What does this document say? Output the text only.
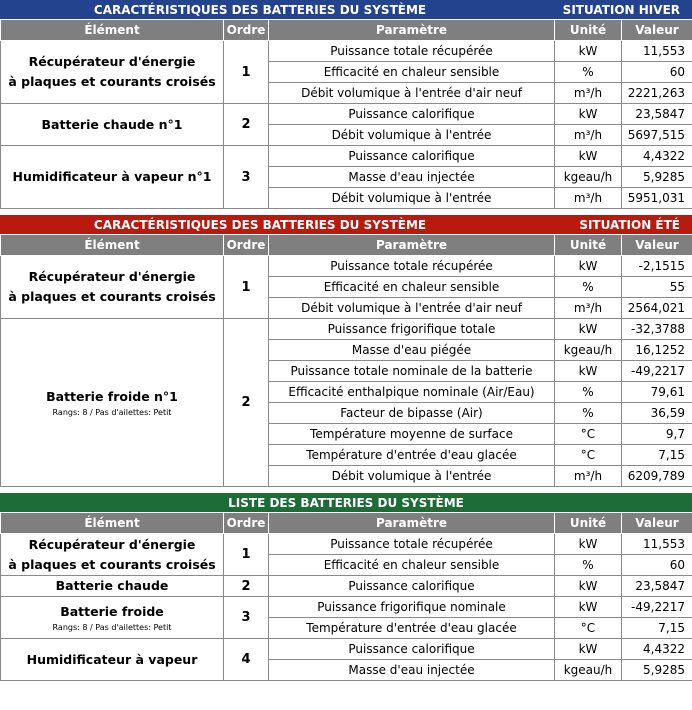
CARACTÉRISTIQUES DES BATTERIES DU SYSTÈME	SITUATION HIVER
Élément	Ordre	Paramètre	Unité	Valeur

Récupérateur d'énergie
à plaques et courants croisés	1	Puissance totale récupérée	kW	11,553
		Efficacité en chaleur sensible	%	60
		Débit volumique à l'entrée d'air neuf	m³/h	2221,263

Batterie chaude n°1	2	Puissance calorifique	kW	23,5847
		Débit volumique à l'entrée	m³/h	5697,515

Humidificateur à vapeur n°1	3	Puissance calorifique	kW	4,4322
		Masse d'eau injectée	kgeau/h	5,9285
		Débit volumique à l'entrée	m³/h	5951,031
CARACTÉRISTIQUES DES BATTERIES DU SYSTÈME	SITUATION ÉTÉ
Élément	Ordre	Paramètre	Unité	Valeur

Récupérateur d'énergie
à plaques et courants croisés	1	Puissance totale récupérée	kW	-2,1515
		Efficacité en chaleur sensible	%	55
		Débit volumique à l'entrée d'air neuf	m³/h	2564,021

Batterie froide n°1
Rangs: 8 / Pas d'ailettes: Petit	2	Puissance frigorifique totale	kW	-32,3788
		Masse d'eau piégée	kgeau/h	16,1252
		Puissance totale nominale de la batterie	kW	-49,2217
		Efficacité enthalpique nominale (Air/Eau)	%	79,61
		Facteur de bipasse (Air)	%	36,59
		Température moyenne de surface	°C	9,7
		Température d'entrée d'eau glacée	°C	7,15
		Débit volumique à l'entrée	m³/h	6209,789
LISTE DES BATTERIES DU SYSTÈME
Élément	Ordre	Paramètre	Unité	Valeur

Récupérateur d'énergie
à plaques et courants croisés	1	Puissance totale récupérée	kW	11,553
		Efficacité en chaleur sensible	%	60

Batterie chaude	2	Puissance calorifique	kW	23,5847

Batterie froide
Rangs: 8 / Pas d'ailettes: Petit	3	Puissance frigorifique nominale	kW	-49,2217
		Température d'entrée d'eau glacée	°C	7,15

Humidificateur à vapeur	4	Puissance calorifique	kW	4,4322
		Masse d'eau injectée	kgeau/h	5,9285
